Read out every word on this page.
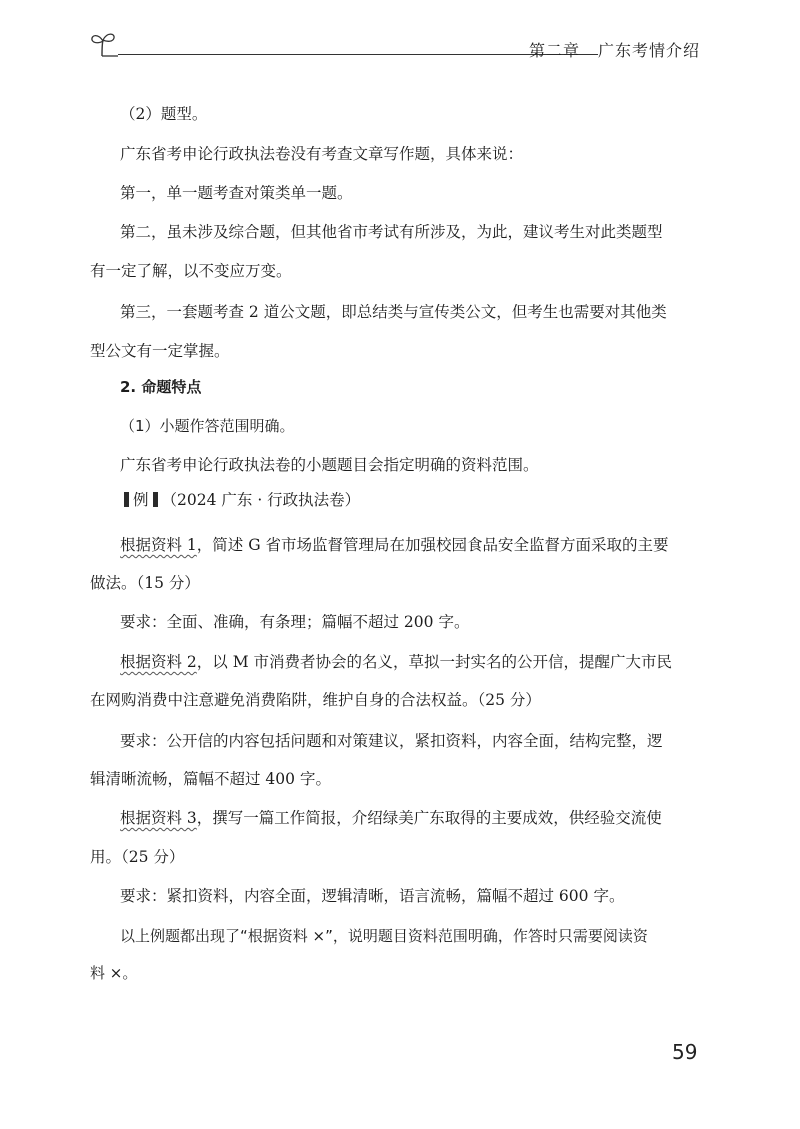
第二章 广东考情介绍
（2）题型。
广东省考申论行政执法卷没有考查文章写作题，具体来说：
第一，单一题考查对策类单一题。
第二，虽未涉及综合题，但其他省市考试有所涉及，为此，建议考生对此类题型
有一定了解，以不变应万变。
第三，一套题考查 2 道公文题，即总结类与宣传类公文，但考生也需要对其他类
型公文有一定掌握。
2. 命题特点
（1）小题作答范围明确。
广东省考申论行政执法卷的小题题目会指定明确的资料范围。
例 （2024 广东 · 行政执法卷）
根据资料 1，简述 G 省市场监督管理局在加强校园食品安全监督方面采取的主要
做法。（15 分）
要求：全面、准确，有条理；篇幅不超过 200 字。
根据资料 2，以 M 市消费者协会的名义，草拟一封实名的公开信，提醒广大市民
在网购消费中注意避免消费陷阱，维护自身的合法权益。（25 分）
要求：公开信的内容包括问题和对策建议，紧扣资料，内容全面，结构完整，逻
辑清晰流畅，篇幅不超过 400 字。
根据资料 3，撰写一篇工作简报，介绍绿美广东取得的主要成效，供经验交流使
用。（25 分）
要求：紧扣资料，内容全面，逻辑清晰，语言流畅，篇幅不超过 600 字。
以上例题都出现了“根据资料 ×”，说明题目资料范围明确，作答时只需要阅读资
料 ×。
59
